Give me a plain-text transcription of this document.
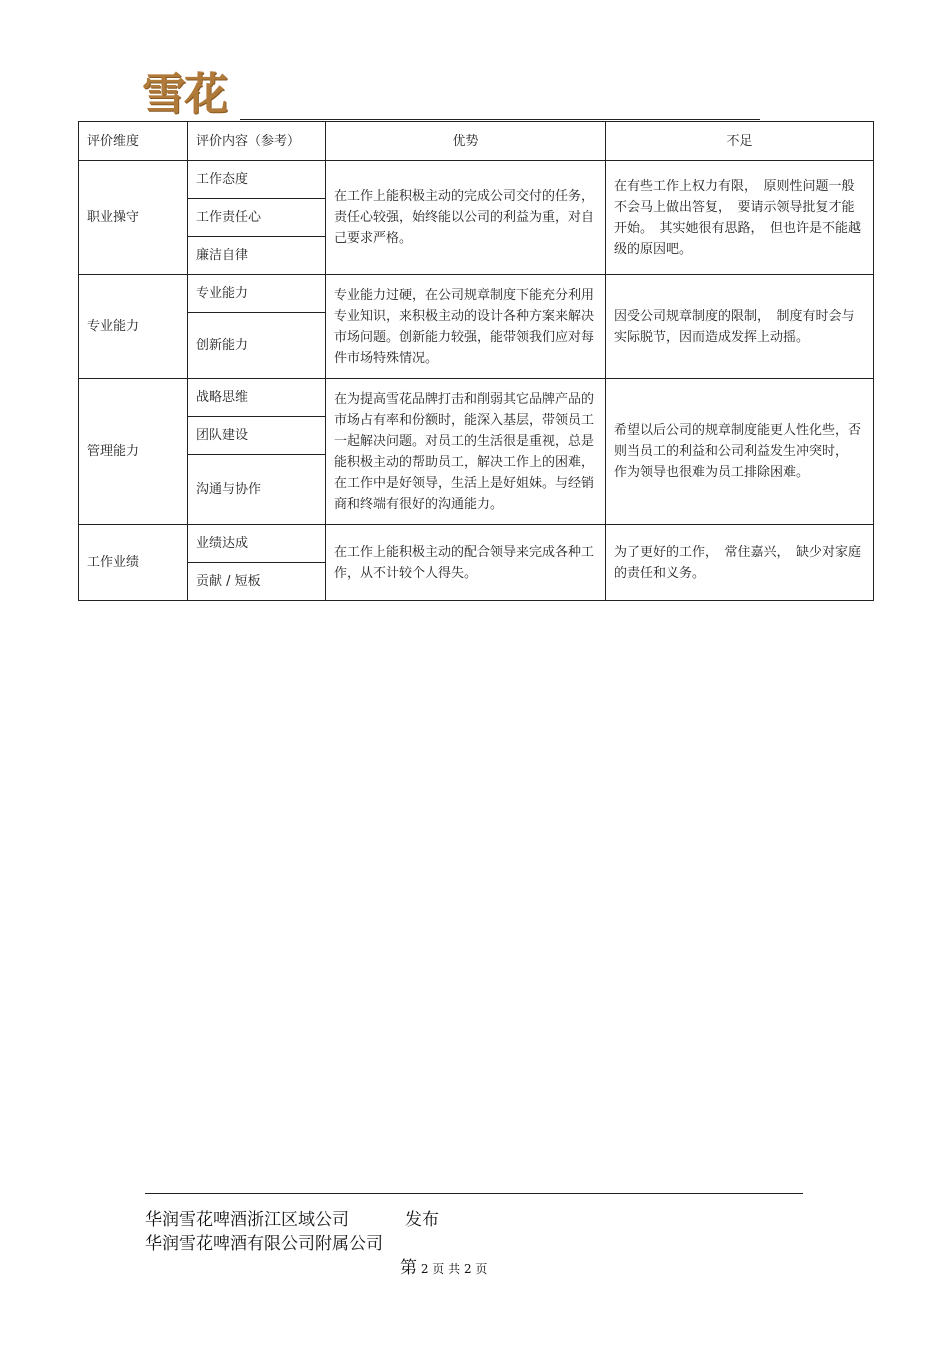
雪花
评价维度	评价内容（参考）	优势	不足
职业操守	工作态度	在工作上能积极主动的完成公司交付的任务，责任心较强，始终能以公司的利益为重，对自己要求严格。	在有些工作上权力有限，　原则性问题一般不会马上做出答复，　要请示领导批复才能开始。　其实她很有思路，　但也许是不能越级的原因吧。
	工作责任心		
	廉洁自律		
专业能力	专业能力	专业能力过硬，在公司规章制度下能充分利用专业知识，来积极主动的设计各种方案来解决市场问题。创新能力较强，能带领我们应对每件市场特殊情况。	因受公司规章制度的限制，　制度有时会与实际脱节，因而造成发挥上动摇。
	创新能力		
管理能力	战略思维	在为提高雪花品牌打击和削弱其它品牌产品的市场占有率和份额时，能深入基层，带领员工一起解决问题。对员工的生活很是重视，总是能积极主动的帮助员工，解决工作上的困难，在工作中是好领导，生活上是好姐妹。与经销商和终端有很好的沟通能力。	希望以后公司的规章制度能更人性化些，否则当员工的利益和公司利益发生冲突时，　作为领导也很难为员工排除困难。
	团队建设		
	沟通与协作		
工作业绩	业绩达成	在工作上能积极主动的配合领导来完成各种工作，从不计较个人得失。	为了更好的工作，　常住嘉兴，　缺少对家庭的责任和义务。
	贡献 / 短板		
华润雪花啤酒浙江区域公司	发布
华润雪花啤酒有限公司附属公司
第 2 页 共 2 页
